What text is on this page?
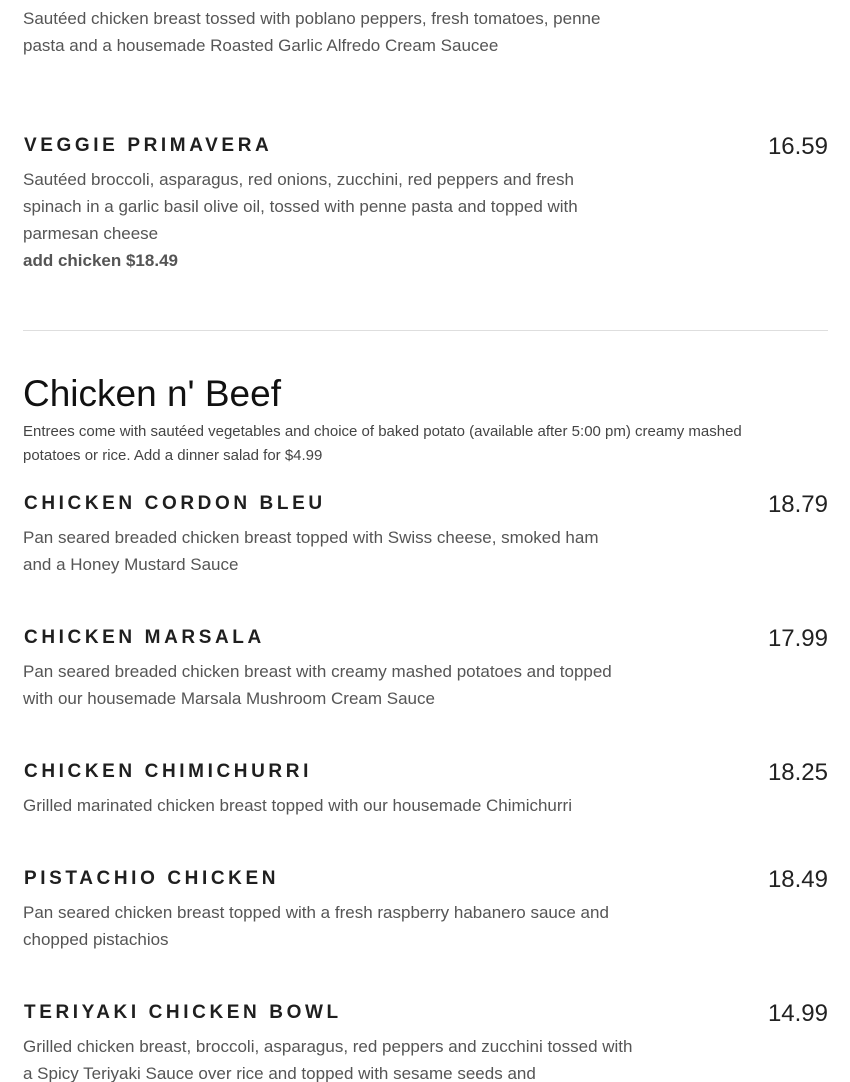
Sautéed chicken breast tossed with poblano peppers, fresh tomatoes, penne pasta and a housemade Roasted Garlic Alfredo Cream Saucee
VEGGIE PRIMAVERA	16.59
Sautéed broccoli, asparagus, red onions, zucchini, red peppers and fresh spinach in a garlic basil olive oil, tossed with penne pasta and topped with parmesan cheese
add chicken $18.49
Chicken n' Beef
Entrees come with sautéed vegetables and choice of baked potato (available after 5:00 pm) creamy mashed potatoes or rice. Add a dinner salad for $4.99
CHICKEN CORDON BLEU	18.79
Pan seared breaded chicken breast topped with Swiss cheese, smoked ham and a Honey Mustard Sauce
CHICKEN MARSALA	17.99
Pan seared breaded chicken breast with creamy mashed potatoes and topped with our housemade Marsala Mushroom Cream Sauce
CHICKEN CHIMICHURRI	18.25
Grilled marinated chicken breast topped with our housemade Chimichurri
PISTACHIO CHICKEN	18.49
Pan seared chicken breast topped with a fresh raspberry habanero sauce and chopped pistachios
TERIYAKI CHICKEN BOWL	14.99
Grilled chicken breast, broccoli, asparagus, red peppers and zucchini tossed with a Spicy Teriyaki Sauce over rice and topped with sesame seeds and
